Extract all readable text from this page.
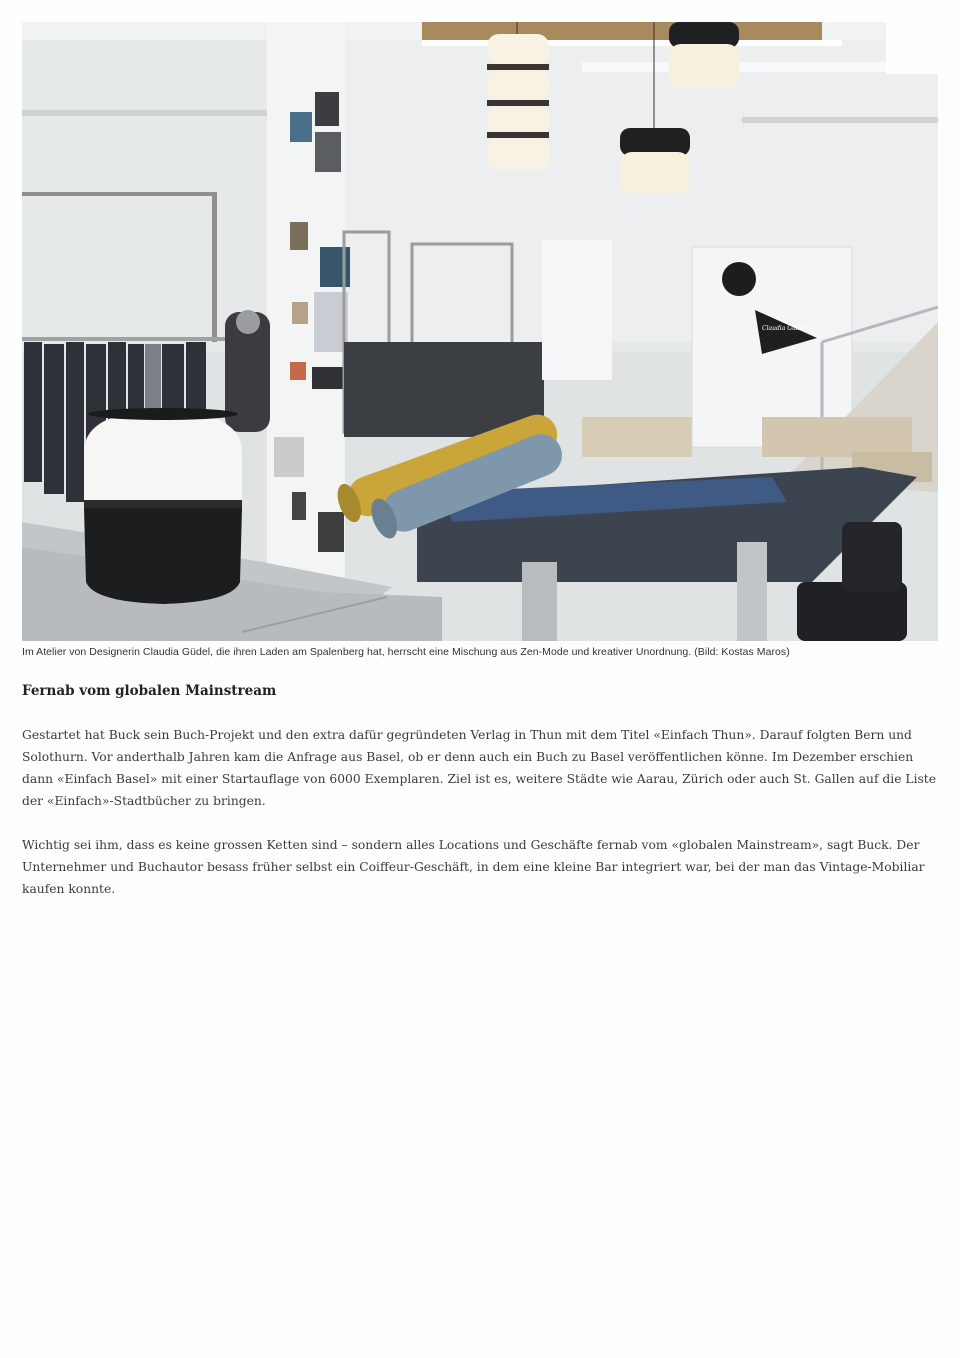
Claudia Güdel
Im Atelier von Designerin Claudia Güdel, die ihren Laden am Spalenberg hat, herrscht eine Mischung aus Zen-Mode und kreativer Unordnung. (Bild: Kostas Maros)
Fernab vom globalen Mainstream

Gestartet hat Buck sein Buch-Projekt und den extra dafür gegründeten Verlag in Thun mit dem Titel «Einfach Thun». Darauf folgten Bern und Solothurn. Vor anderthalb Jahren kam die Anfrage aus Basel, ob er denn auch ein Buch zu Basel veröffentlichen könne. Im Dezember erschien dann «Einfach Basel» mit einer Startauflage von 6000 Exemplaren. Ziel ist es, weitere Städte wie Aarau, Zürich oder auch St. Gallen auf die Liste der «Einfach»-Stadtbücher zu bringen.

Wichtig sei ihm, dass es keine grossen Ketten sind – sondern alles Locations und Geschäfte fernab vom «globalen Mainstream», sagt Buck. Der Unternehmer und Buchautor besass früher selbst ein Coiffeur-Geschäft, in dem eine kleine Bar integriert war, bei der man das Vintage-Mobiliar kaufen konnte.
